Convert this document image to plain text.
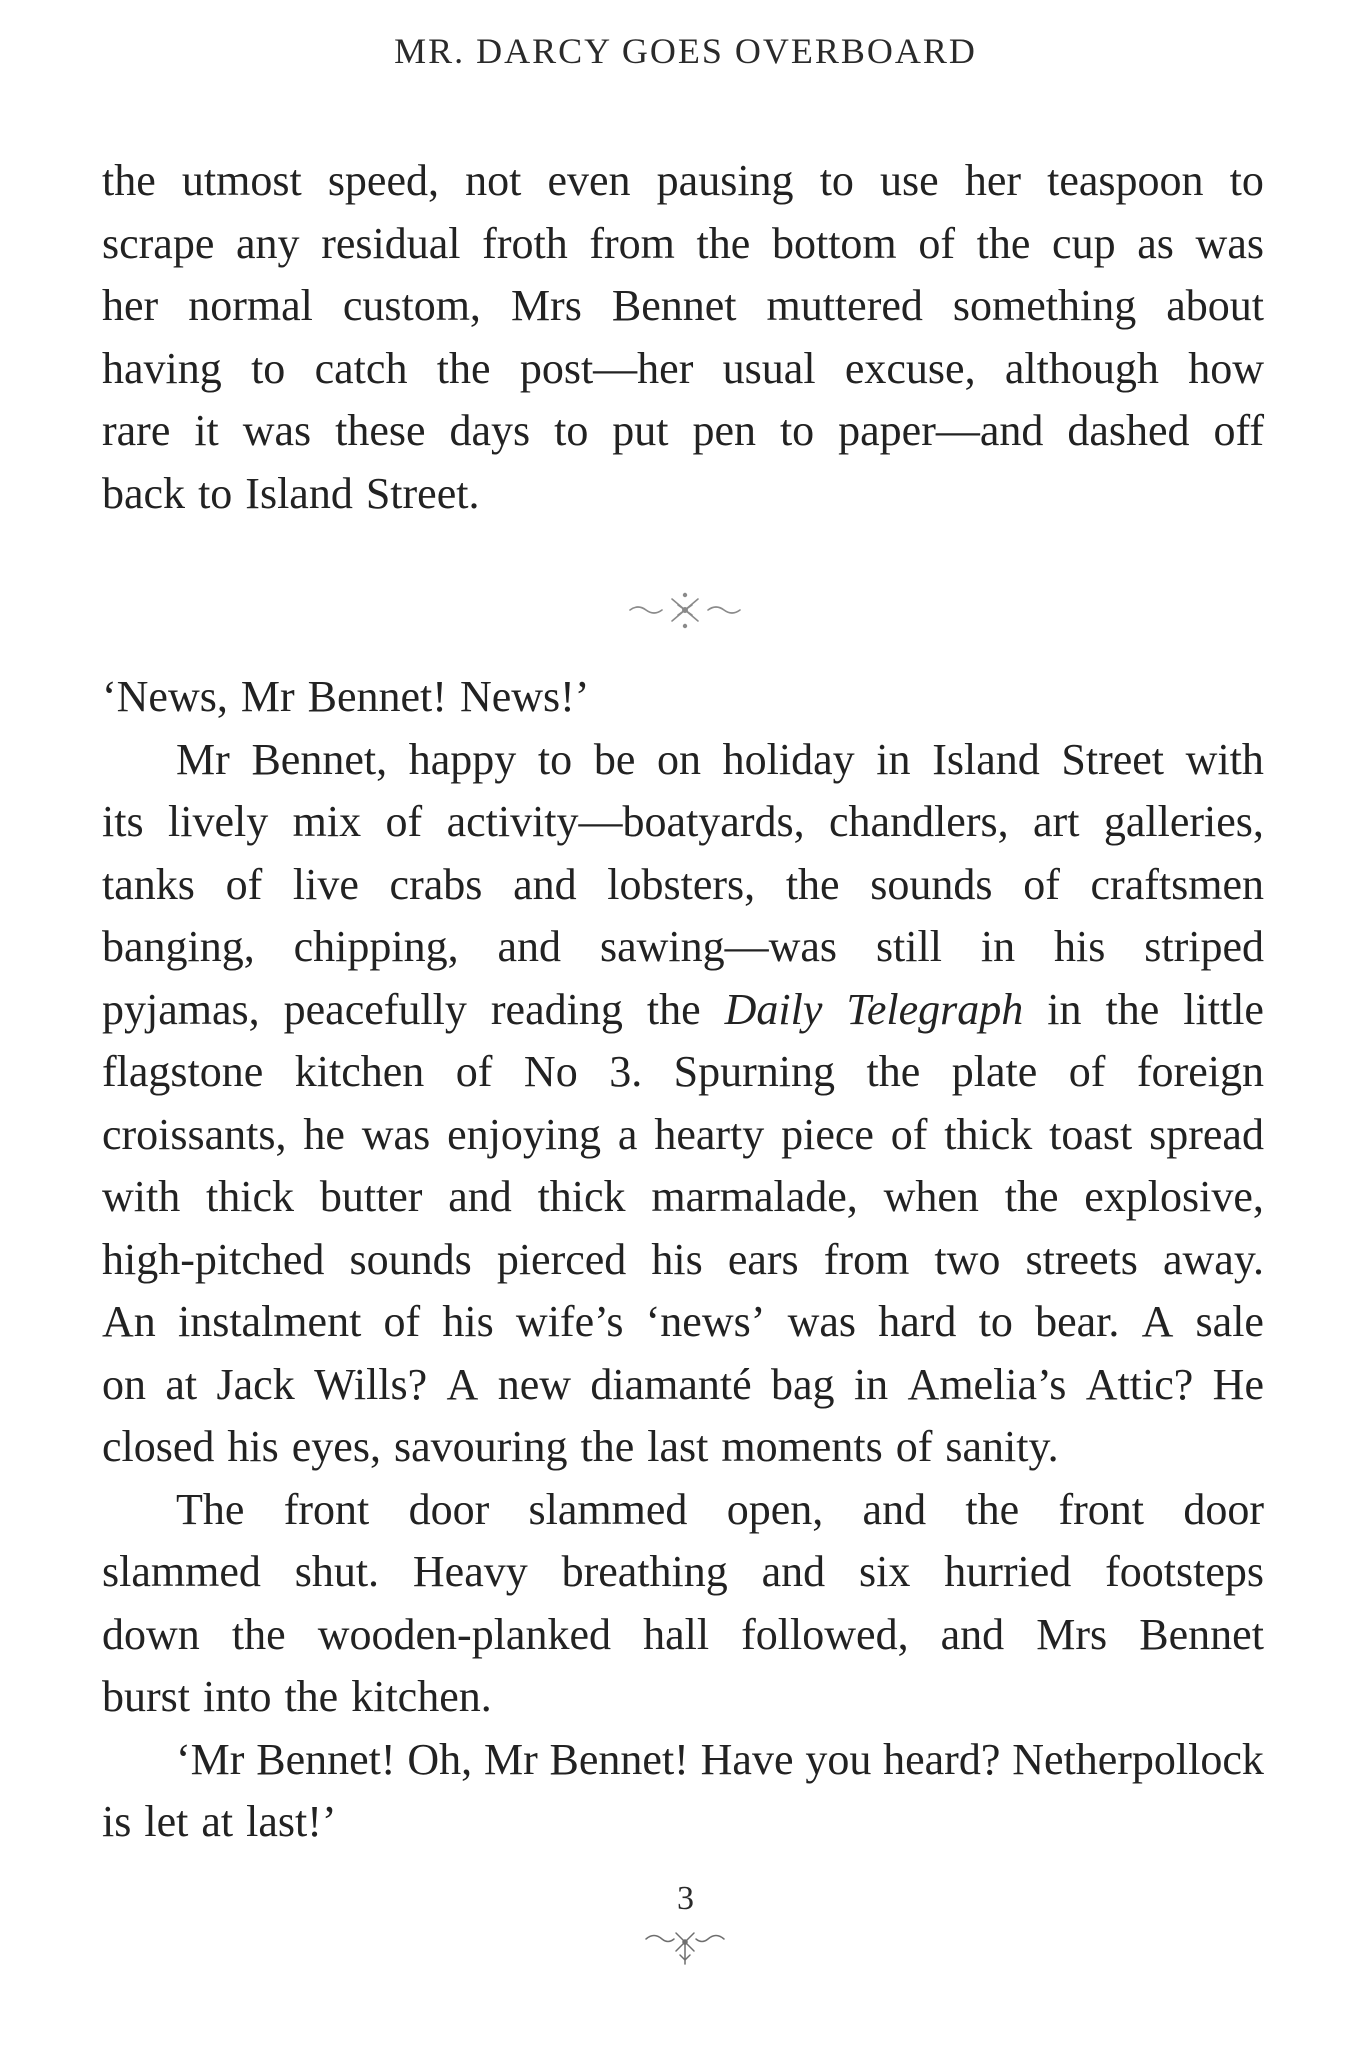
MR. DARCY GOES OVERBOARD
the utmost speed, not even pausing to use her teaspoon to
scrape any residual froth from the bottom of the cup as was
her normal custom, Mrs Bennet muttered something about
having to catch the post—her usual excuse, although how
rare it was these days to put pen to paper—and dashed off
back to Island Street.
‘News, Mr Bennet! News!’
Mr Bennet, happy to be on holiday in Island Street with
its lively mix of activity—boatyards, chandlers, art galleries,
tanks of live crabs and lobsters, the sounds of craftsmen
banging, chipping, and sawing—was still in his striped
pyjamas, peacefully reading the Daily Telegraph in the little
flagstone kitchen of No 3. Spurning the plate of foreign
croissants, he was enjoying a hearty piece of thick toast spread
with thick butter and thick marmalade, when the explosive,
high-pitched sounds pierced his ears from two streets away.
An instalment of his wife’s ‘news’ was hard to bear. A sale
on at Jack Wills? A new diamanté bag in Amelia’s Attic? He
closed his eyes, savouring the last moments of sanity.
The front door slammed open, and the front door
slammed shut. Heavy breathing and six hurried footsteps
down the wooden-planked hall followed, and Mrs Bennet
burst into the kitchen.
‘Mr Bennet! Oh, Mr Bennet! Have you heard? Netherpollock
is let at last!’
3
